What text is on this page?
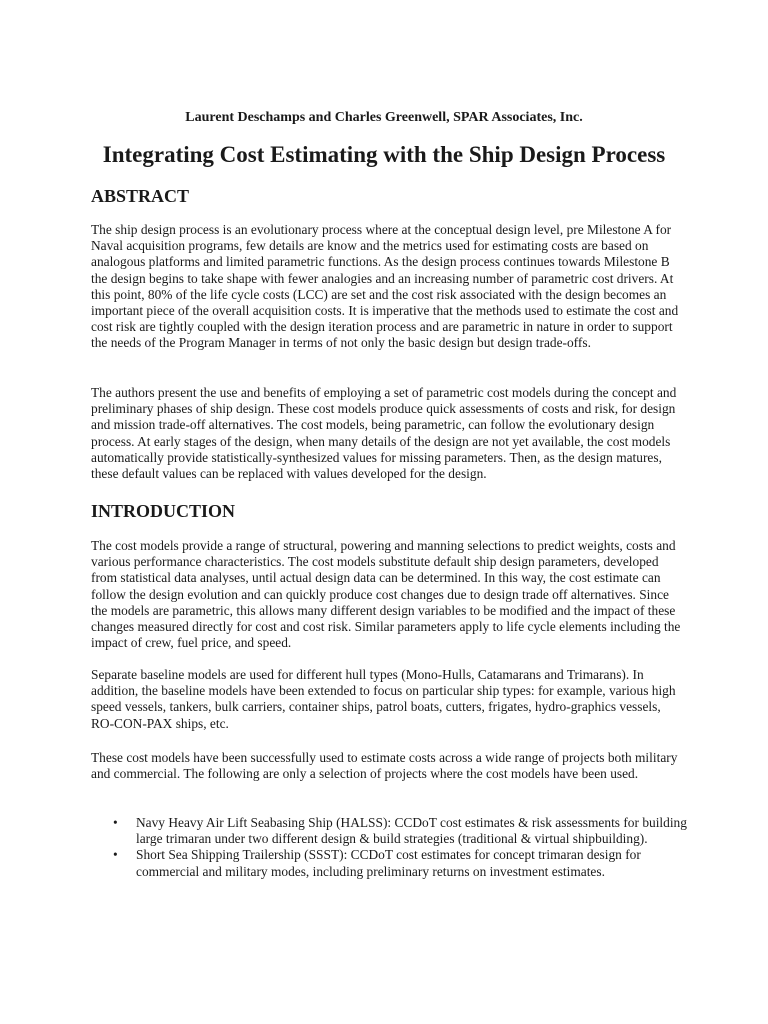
Laurent Deschamps and Charles Greenwell, SPAR Associates, Inc.
Integrating Cost Estimating with the Ship Design Process
ABSTRACT

The ship design process is an evolutionary process where at the conceptual design level, pre Milestone A for Naval acquisition programs, few details are know and the metrics used for estimating costs are based on analogous platforms and limited parametric functions. As the design process continues towards Milestone B the design begins to take shape with fewer analogies and an increasing number of parametric cost drivers. At this point, 80% of the life cycle costs (LCC) are set and the cost risk associated with the design becomes an important piece of the overall acquisition costs. It is imperative that the methods used to estimate the cost and cost risk are tightly coupled with the design iteration process and are parametric in nature in order to support the needs of the Program Manager in terms of not only the basic design but design trade-offs.

The authors present the use and benefits of employing a set of parametric cost models during the concept and preliminary phases of ship design. These cost models produce quick assessments of costs and risk, for design and mission trade-off alternatives. The cost models, being parametric, can follow the evolutionary design process. At early stages of the design, when many details of the design are not yet available, the cost models automatically provide statistically-synthesized values for missing parameters. Then, as the design matures, these default values can be replaced with values developed for the design.

INTRODUCTION

The cost models provide a range of structural, powering and manning selections to predict weights, costs and various performance characteristics. The cost models substitute default ship design parameters, developed from statistical data analyses, until actual design data can be determined. In this way, the cost estimate can follow the design evolution and can quickly produce cost changes due to design trade off alternatives. Since the models are parametric, this allows many different design variables to be modified and the impact of these changes measured directly for cost and cost risk. Similar parameters apply to life cycle elements including the impact of crew, fuel price, and speed.

Separate baseline models are used for different hull types (Mono-Hulls, Catamarans and Trimarans). In addition, the baseline models have been extended to focus on particular ship types: for example, various high speed vessels, tankers, bulk carriers, container ships, patrol boats, cutters, frigates, hydro-graphics vessels, RO-CON-PAX ships, etc.

These cost models have been successfully used to estimate costs across a wide range of projects both military and commercial. The following are only a selection of projects where the cost models have been used.

• Navy Heavy Air Lift Seabasing Ship (HALSS): CCDoT cost estimates & risk assessments for building large trimaran under two different design & build strategies (traditional & virtual shipbuilding).
• Short Sea Shipping Trailership (SSST): CCDoT cost estimates for concept trimaran design for commercial and military modes, including preliminary returns on investment estimates.
